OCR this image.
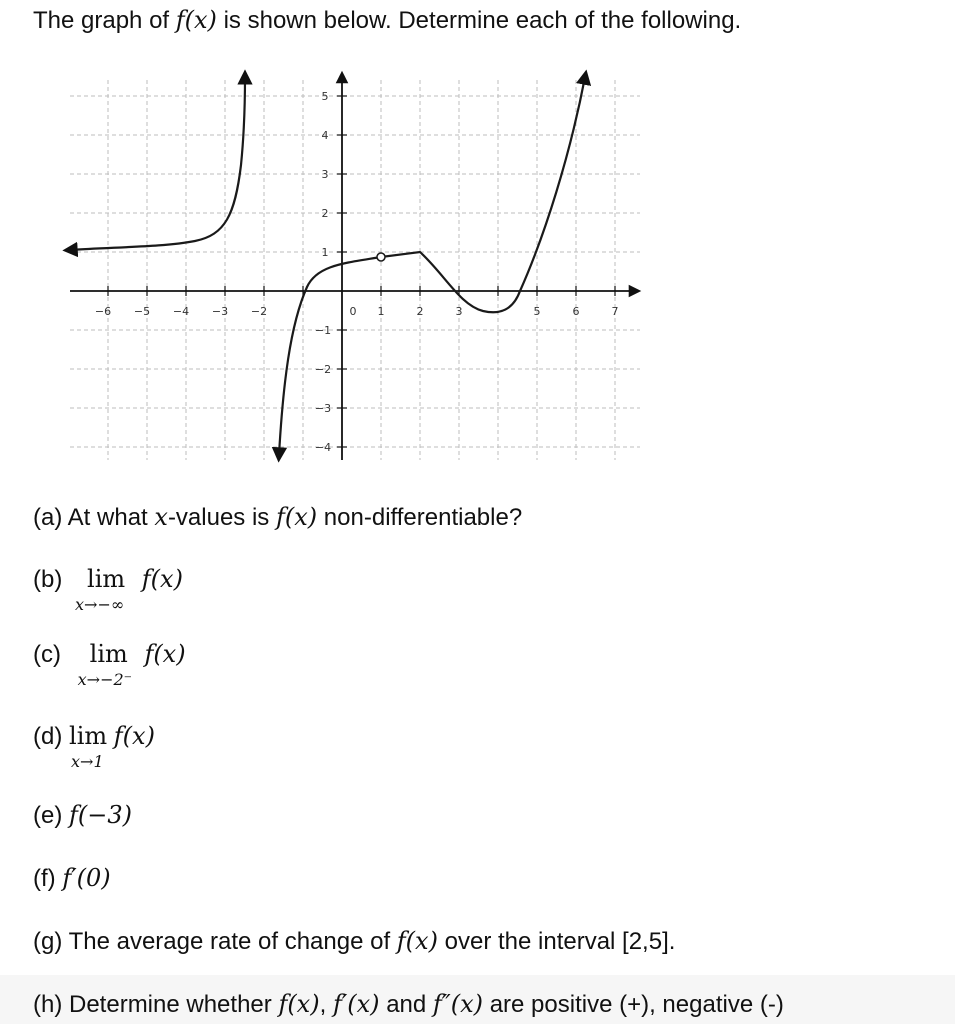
The graph of f(x) is shown below. Determine each of the following.
−6 −5 −4 −3 −2	0 1	2	3	5	6	7
1
2
3
4
5
−1
−2
−3
−4
(a) At what x-values is f(x) non-differentiable?
(b) lim
x→−∞
f(x)
(c) lim
x→−2⁻
f(x)
(d) lim
x→1
f(x)
(e) f(−3)
(f) f′(0)
(g) The average rate of change of f(x) over the interval [2,5].
(h) Determine whether f(x), f′(x) and f″(x) are positive (+), negative (-)
